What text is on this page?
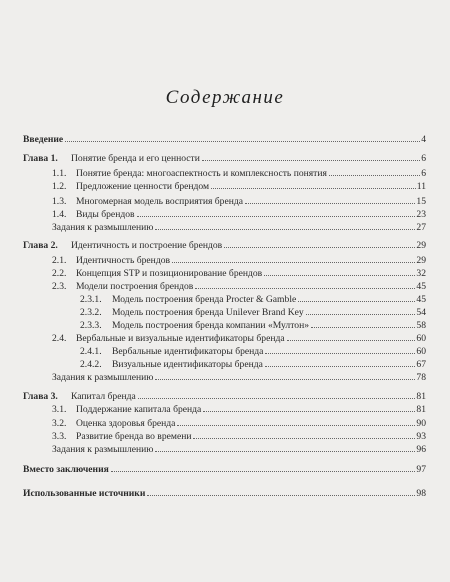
Содержание
Введение	4
Глава 1.	Понятие бренда и его ценности	6
1.1.	Понятие бренда: многоаспектность и комплексность понятия	6
1.2.	Предложение ценности брендом	11
1.3.	Многомерная модель восприятия бренда	15
1.4.	Виды брендов	23
Задания к размышлению	27
Глава 2.	Идентичность и построение брендов	29
2.1.	Идентичность брендов	29
2.2.	Концепция STP и позиционирование брендов	32
2.3.	Модели построения брендов	45
2.3.1.	Модель построения бренда Procter & Gamble	45
2.3.2.	Модель построения бренда Unilever Brand Key	54
2.3.3.	Модель построения бренда компании «Мултон»	58
2.4.	Вербальные и визуальные идентификаторы бренда	60
2.4.1.	Вербальные идентификаторы бренда	60
2.4.2.	Визуальные идентификаторы бренда	67
Задания к размышлению	78
Глава 3.	Капитал бренда	81
3.1.	Поддержание капитала бренда	81
3.2.	Оценка здоровья бренда	90
3.3.	Развитие бренда во времени	93
Задания к размышлению	96
Вместо заключения	97
Использованные источники	98
